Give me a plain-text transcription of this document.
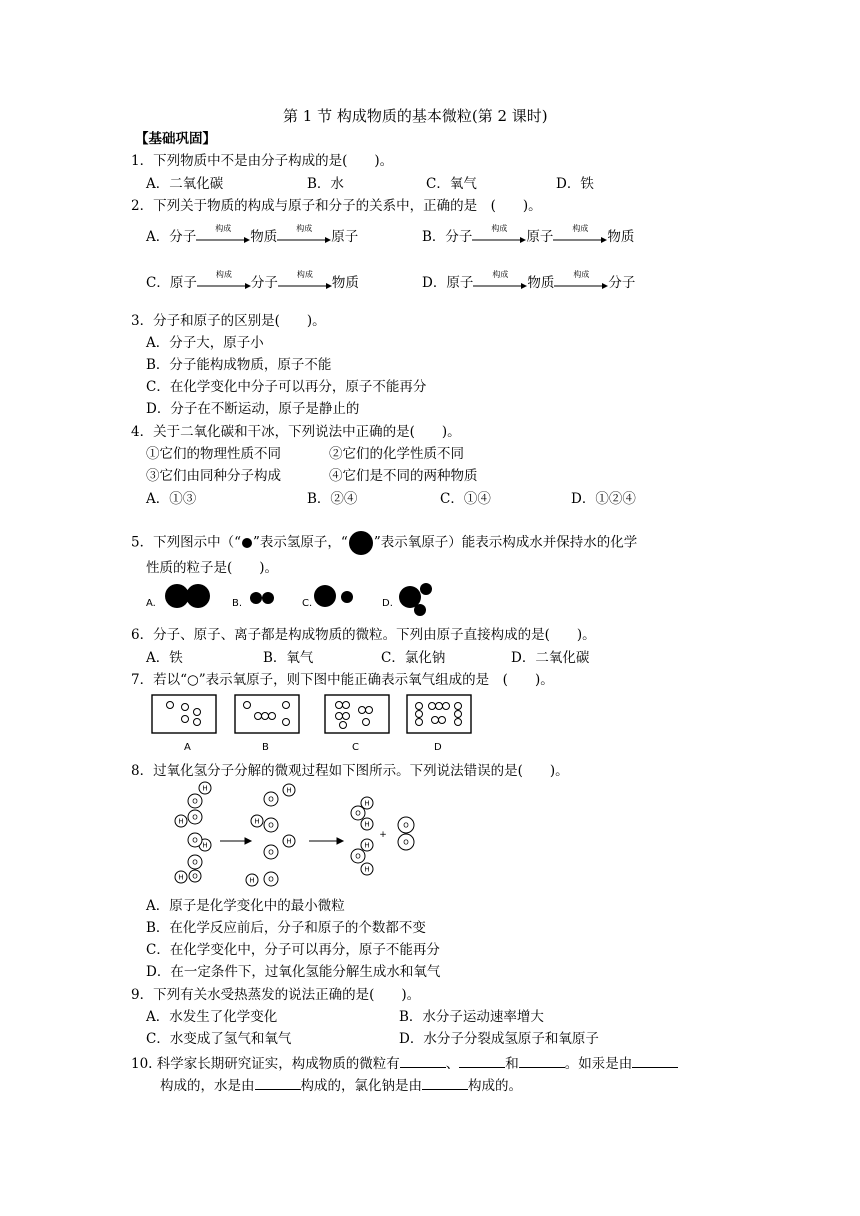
第 1 节 构成物质的基本微粒(第 2 课时)
【基础巩固】
1．下列物质中不是由分子构成的是(　　)。
A．二氧化碳	B．水	C．氧气	D．铁
2．下列关于物质的构成与原子和分子的关系中，正确的是　(　　)。
A．分子
构成
物质
构成
原子	B．分子
构成
原子
构成
物质
C．原子
构成
分子
构成
物质	D．原子
构成
物质
构成
分子
3．分子和原子的区别是(　　)。
A．分子大，原子小
B．分子能构成物质，原子不能
C．在化学变化中分子可以再分，原子不能再分
D．分子在不断运动，原子是静止的
4．关于二氧化碳和干冰，下列说法中正确的是(　　)。
①它们的物理性质不同	②它们的化学性质不同
③它们由同种分子构成	④它们是不同的两种物质
A．①③	B．②④	C．①④	D．①②④
5．下列图示中（“ ”表示氢原子，“ ”表示氧原子）能表示构成水并保持水的化学
性质的粒子是(　　)。
A.	B.	C.	D.
6．分子、原子、离子都是构成物质的微粒。下列由原子直接构成的是(　　)。
A．铁	B．氧气	C．氯化钠	D．二氧化碳
7．若以“○”表示氧原子，则下图中能正确表示氧气组成的是　(　　)。
A	B	C	D
8．过氧化氢分子分解的微观过程如下图所示。下列说法错误的是(　　)。
H
O
O
H
H
O
O
H O
H
O
O
H
H
O
H O
H
O
H
H
O
H
O
O
+
A．原子是化学变化中的最小微粒
B．在化学反应前后，分子和原子的个数都不变
C．在化学变化中，分子可以再分，原子不能再分
D．在一定条件下，过氧化氢能分解生成水和氧气
9．下列有关水受热蒸发的说法正确的是(　　)。
A．水发生了化学变化	B．水分子运动速率增大
C．水变成了氢气和氧气	D．水分子分裂成氢原子和氧原子
10. 科学家长期研究证实，构成物质的微粒有	、	和	。如汞是由
构成的，水是由	构成的，氯化钠是由	构成的。
